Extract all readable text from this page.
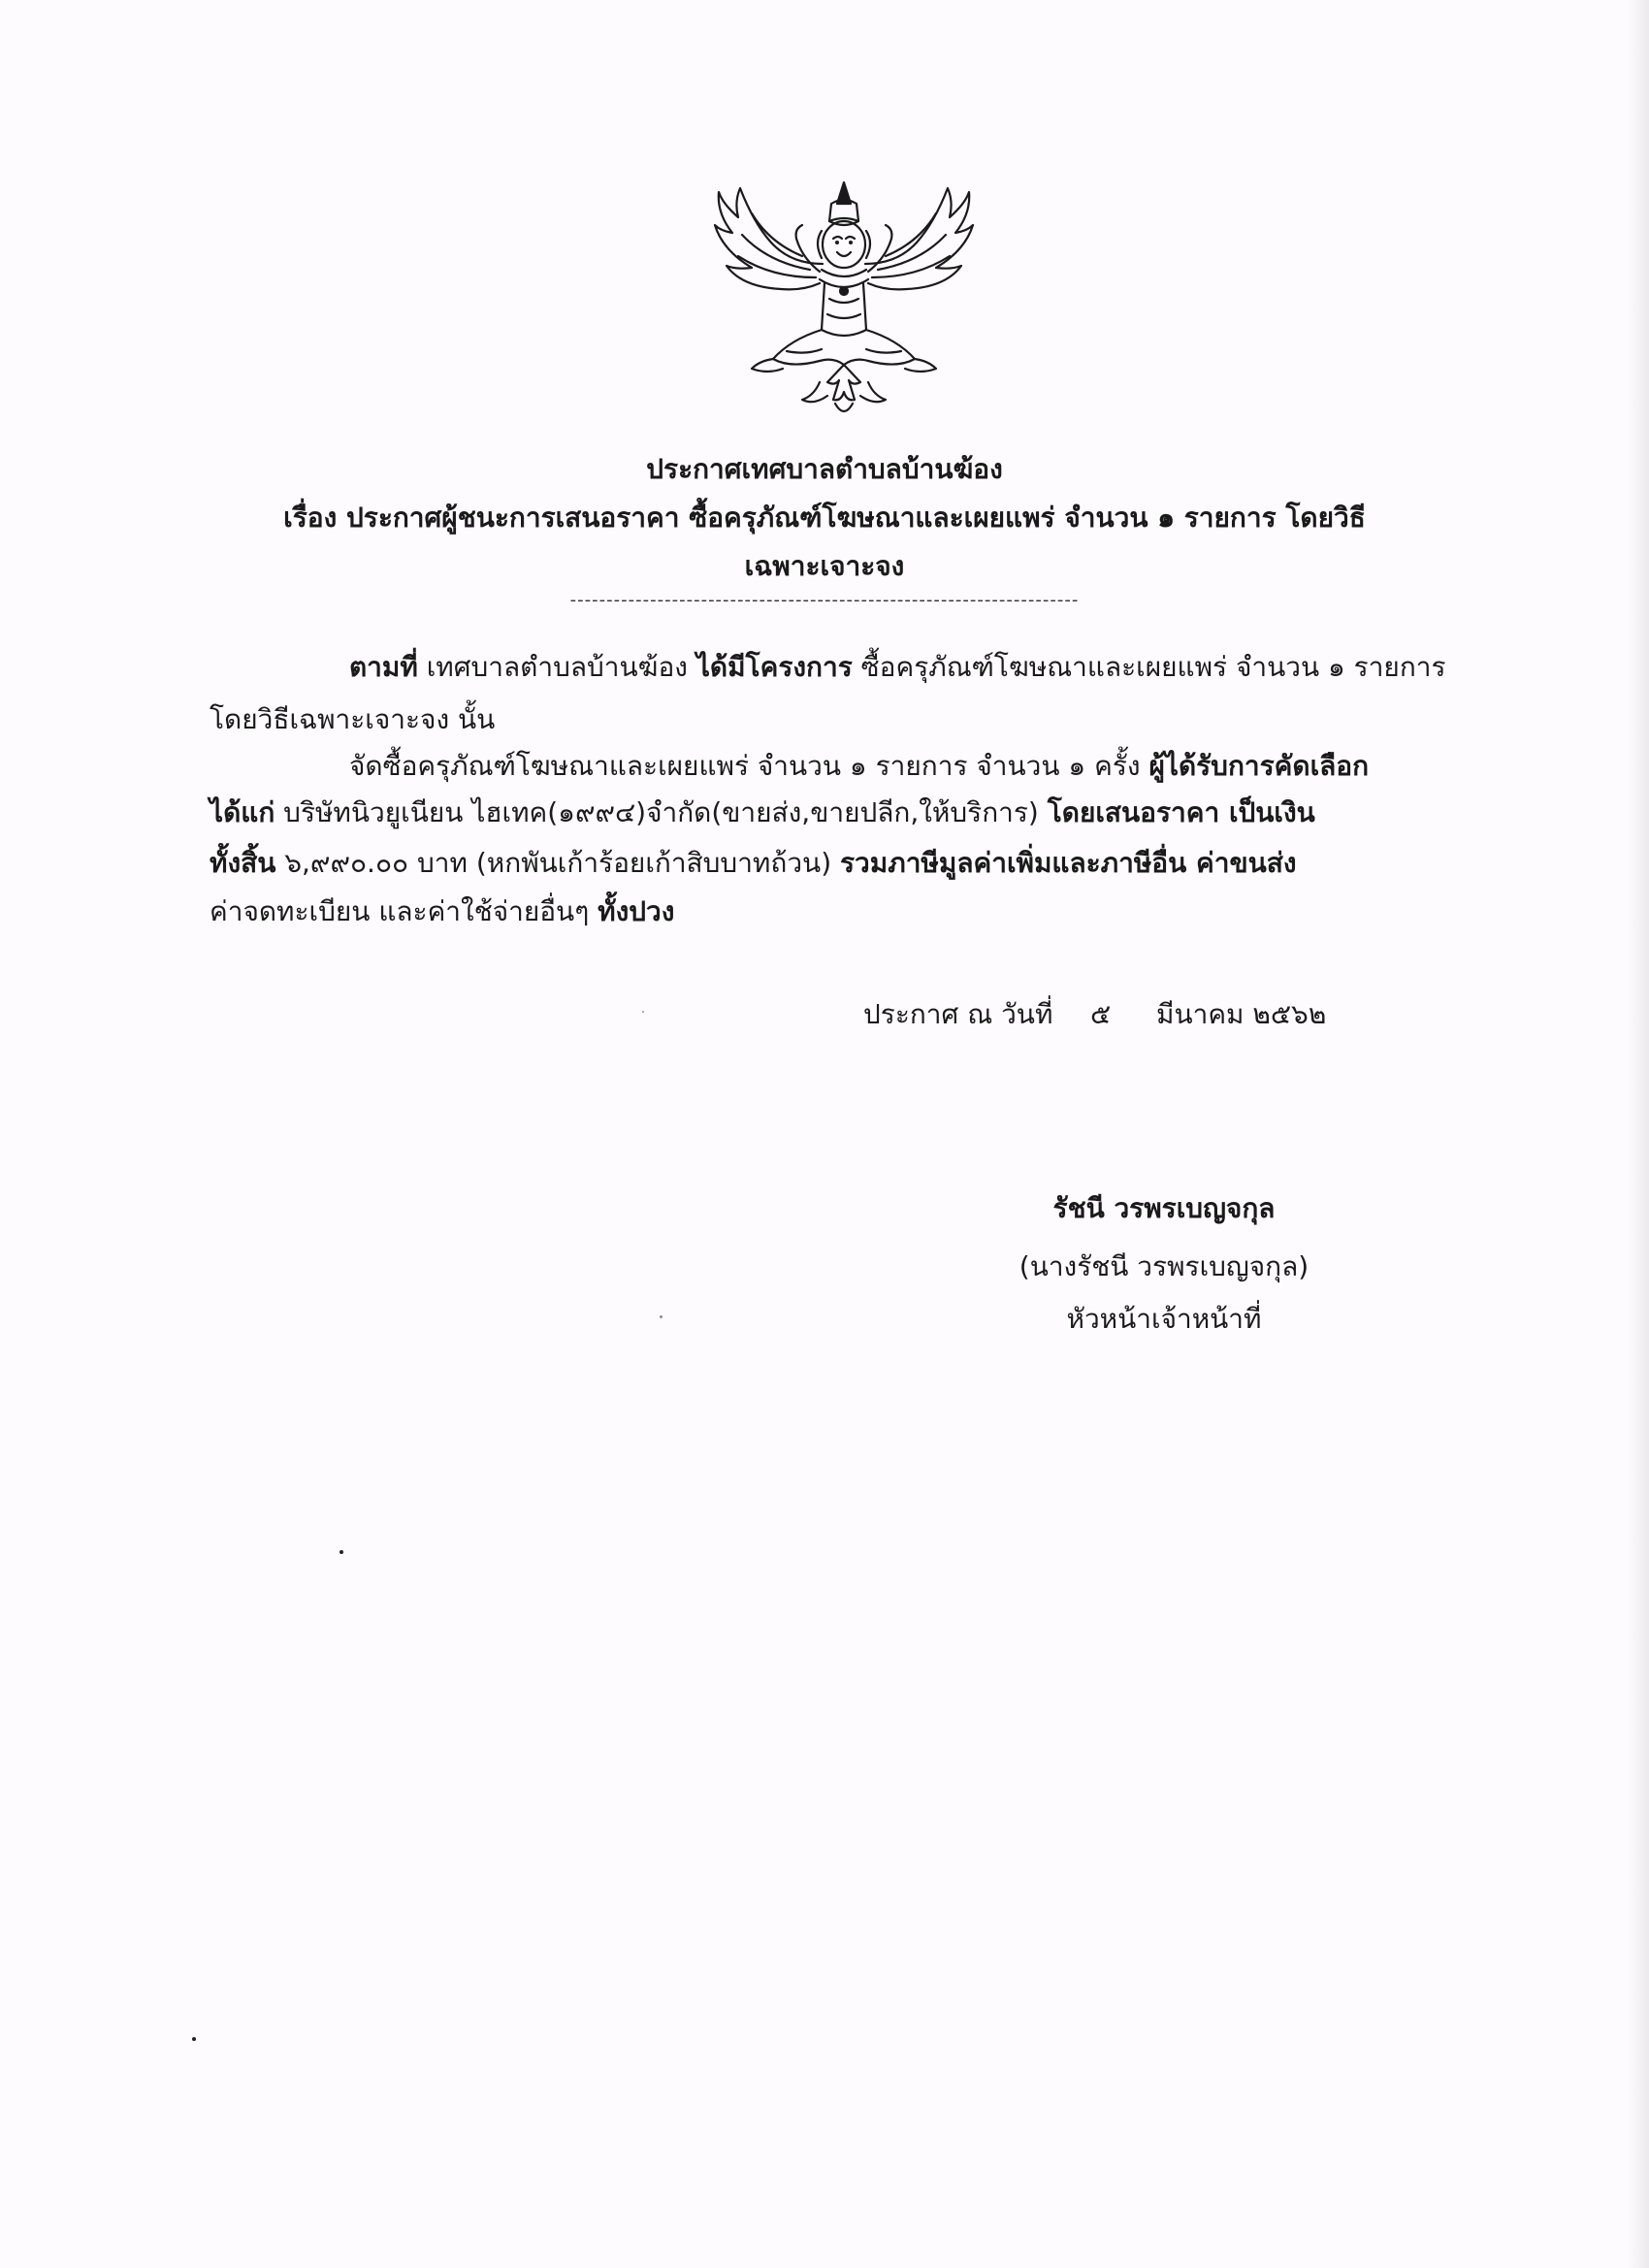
ประกาศเทศบาลตำบลบ้านฆ้อง
เรื่อง ประกาศผู้ชนะการเสนอราคา ซื้อครุภัณฑ์โฆษณาและเผยแพร่ จำนวน ๑ รายการ โดยวิธี
เฉพาะเจาะจง
----------------------------------------------------------------------
ตามที่ เทศบาลตำบลบ้านฆ้อง ได้มีโครงการ ซื้อครุภัณฑ์โฆษณาและเผยแพร่ จำนวน ๑ รายการ
โดยวิธีเฉพาะเจาะจง นั้น
จัดซื้อครุภัณฑ์โฆษณาและเผยแพร่ จำนวน ๑ รายการ จำนวน ๑ ครั้ง ผู้ได้รับการคัดเลือก
ได้แก่ บริษัทนิวยูเนียน ไฮเทค(๑๙๙๔)จำกัด(ขายส่ง,ขายปลีก,ให้บริการ) โดยเสนอราคา เป็นเงิน
ทั้งสิ้น ๖,๙๙๐.๐๐ บาท (หกพันเก้าร้อยเก้าสิบบาทถ้วน) รวมภาษีมูลค่าเพิ่มและภาษีอื่น ค่าขนส่ง
ค่าจดทะเบียน และค่าใช้จ่ายอื่นๆ ทั้งปวง
ประกาศ ณ วันที่ ๕ มีนาคม ๒๕๖๒
รัชนี วรพรเบญจกุล
(นางรัชนี วรพรเบญจกุล)
หัวหน้าเจ้าหน้าที่
